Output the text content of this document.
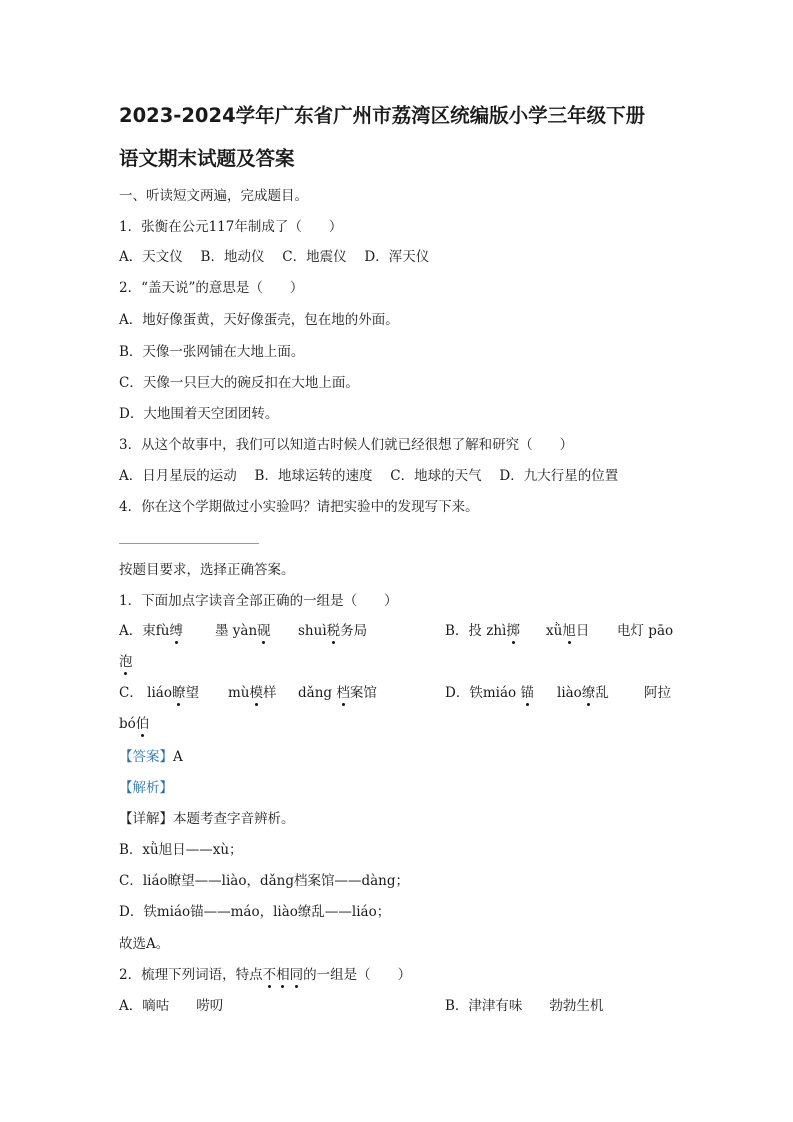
2023-2024学年广东省广州市荔湾区统编版小学三年级下册
语文期末试题及答案
一、听读短文两遍，完成题目。
1．张衡在公元117年制成了（　　）
A．天文仪　 B．地动仪　 C．地震仪　 D．浑天仪
2．“盖天说”的意思是（　　）
A．地好像蛋黄，天好像蛋壳，包在地的外面。
B．天像一张网铺在大地上面。
C．天像一只巨大的碗反扣在大地上面。
D．大地围着天空团团转。
3．从这个故事中，我们可以知道古时候人们就已经很想了解和研究（　　）
A．日月星辰的运动　 B．地球运转的速度　 C．地球的天气　 D．九大行星的位置
4．你在这个学期做过小实验吗？请把实验中的发现写下来。
按题目要求，选择正确答案。
1．下面加点字读音全部正确的一组是（　　）
A．束fù缚 墨 yàn砚 shuì税务局	B．投 zhì掷 xǜ旭日 电灯 pāo
泡
C． liáo瞭望 mù模样 dǎng 档案馆	D．铁miáo 锚 liào缭乱	阿拉
bó伯
【答案】A
【解析】
【详解】本题考查字音辨析。
B．xǜ旭日——xù；
C．liáo瞭望——liào，dǎng档案馆——dàng；
D．铁miáo锚——máo，liào缭乱——liáo；
故选A。
2．梳理下列词语，特点不相同的一组是（　　）
A．嘀咕　　唠叨	B．津津有味　　勃勃生机
